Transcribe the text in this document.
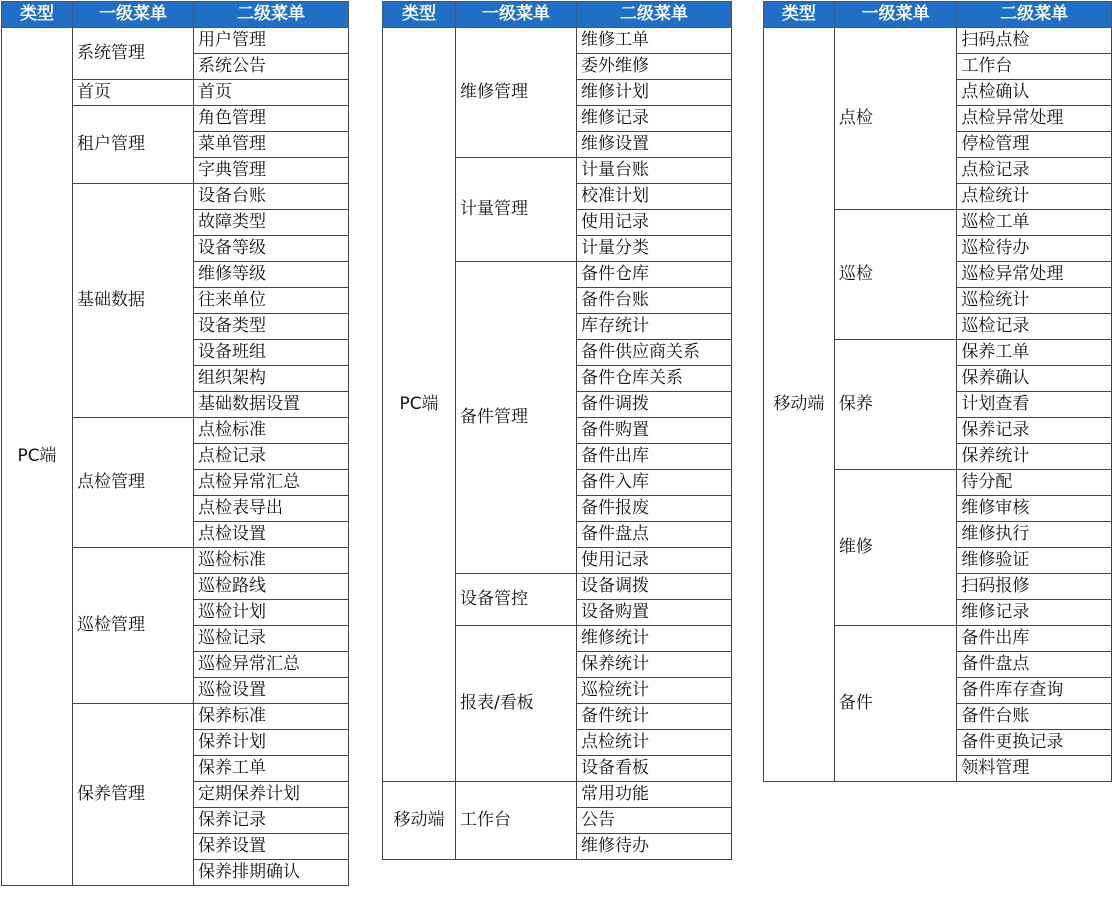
类型	一级菜单	二级菜单
PC端	系统管理	用户管理
		系统公告
	首页	首页
	租户管理	角色管理
		菜单管理
		字典管理
	基础数据	设备台账
		故障类型
		设备等级
		维修等级
		往来单位
		设备类型
		设备班组
		组织架构
		基础数据设置
	点检管理	点检标准
		点检记录
		点检异常汇总
		点检表导出
		点检设置
	巡检管理	巡检标准
		巡检路线
		巡检计划
		巡检记录
		巡检异常汇总
		巡检设置
	保养管理	保养标准
		保养计划
		保养工单
		定期保养计划
		保养记录
		保养设置
		保养排期确认
类型	一级菜单	二级菜单
PC端	维修管理	维修工单
		委外维修
		维修计划
		维修记录
		维修设置
	计量管理	计量台账
		校准计划
		使用记录
		计量分类
	备件管理	备件仓库
		备件台账
		库存统计
		备件供应商关系
		备件仓库关系
		备件调拨
		备件购置
		备件出库
		备件入库
		备件报废
		备件盘点
		使用记录
	设备管控	设备调拨
		设备购置
	报表/看板	维修统计
		保养统计
		巡检统计
		备件统计
		点检统计
		设备看板
移动端	工作台	常用功能
		公告
		维修待办
类型	一级菜单	二级菜单
移动端	点检	扫码点检
		工作台
		点检确认
		点检异常处理
		停检管理
		点检记录
		点检统计
	巡检	巡检工单
		巡检待办
		巡检异常处理
		巡检统计
		巡检记录
	保养	保养工单
		保养确认
		计划查看
		保养记录
		保养统计
	维修	待分配
		维修审核
		维修执行
		维修验证
		扫码报修
		维修记录
	备件	备件出库
		备件盘点
		备件库存查询
		备件台账
		备件更换记录
		领料管理
